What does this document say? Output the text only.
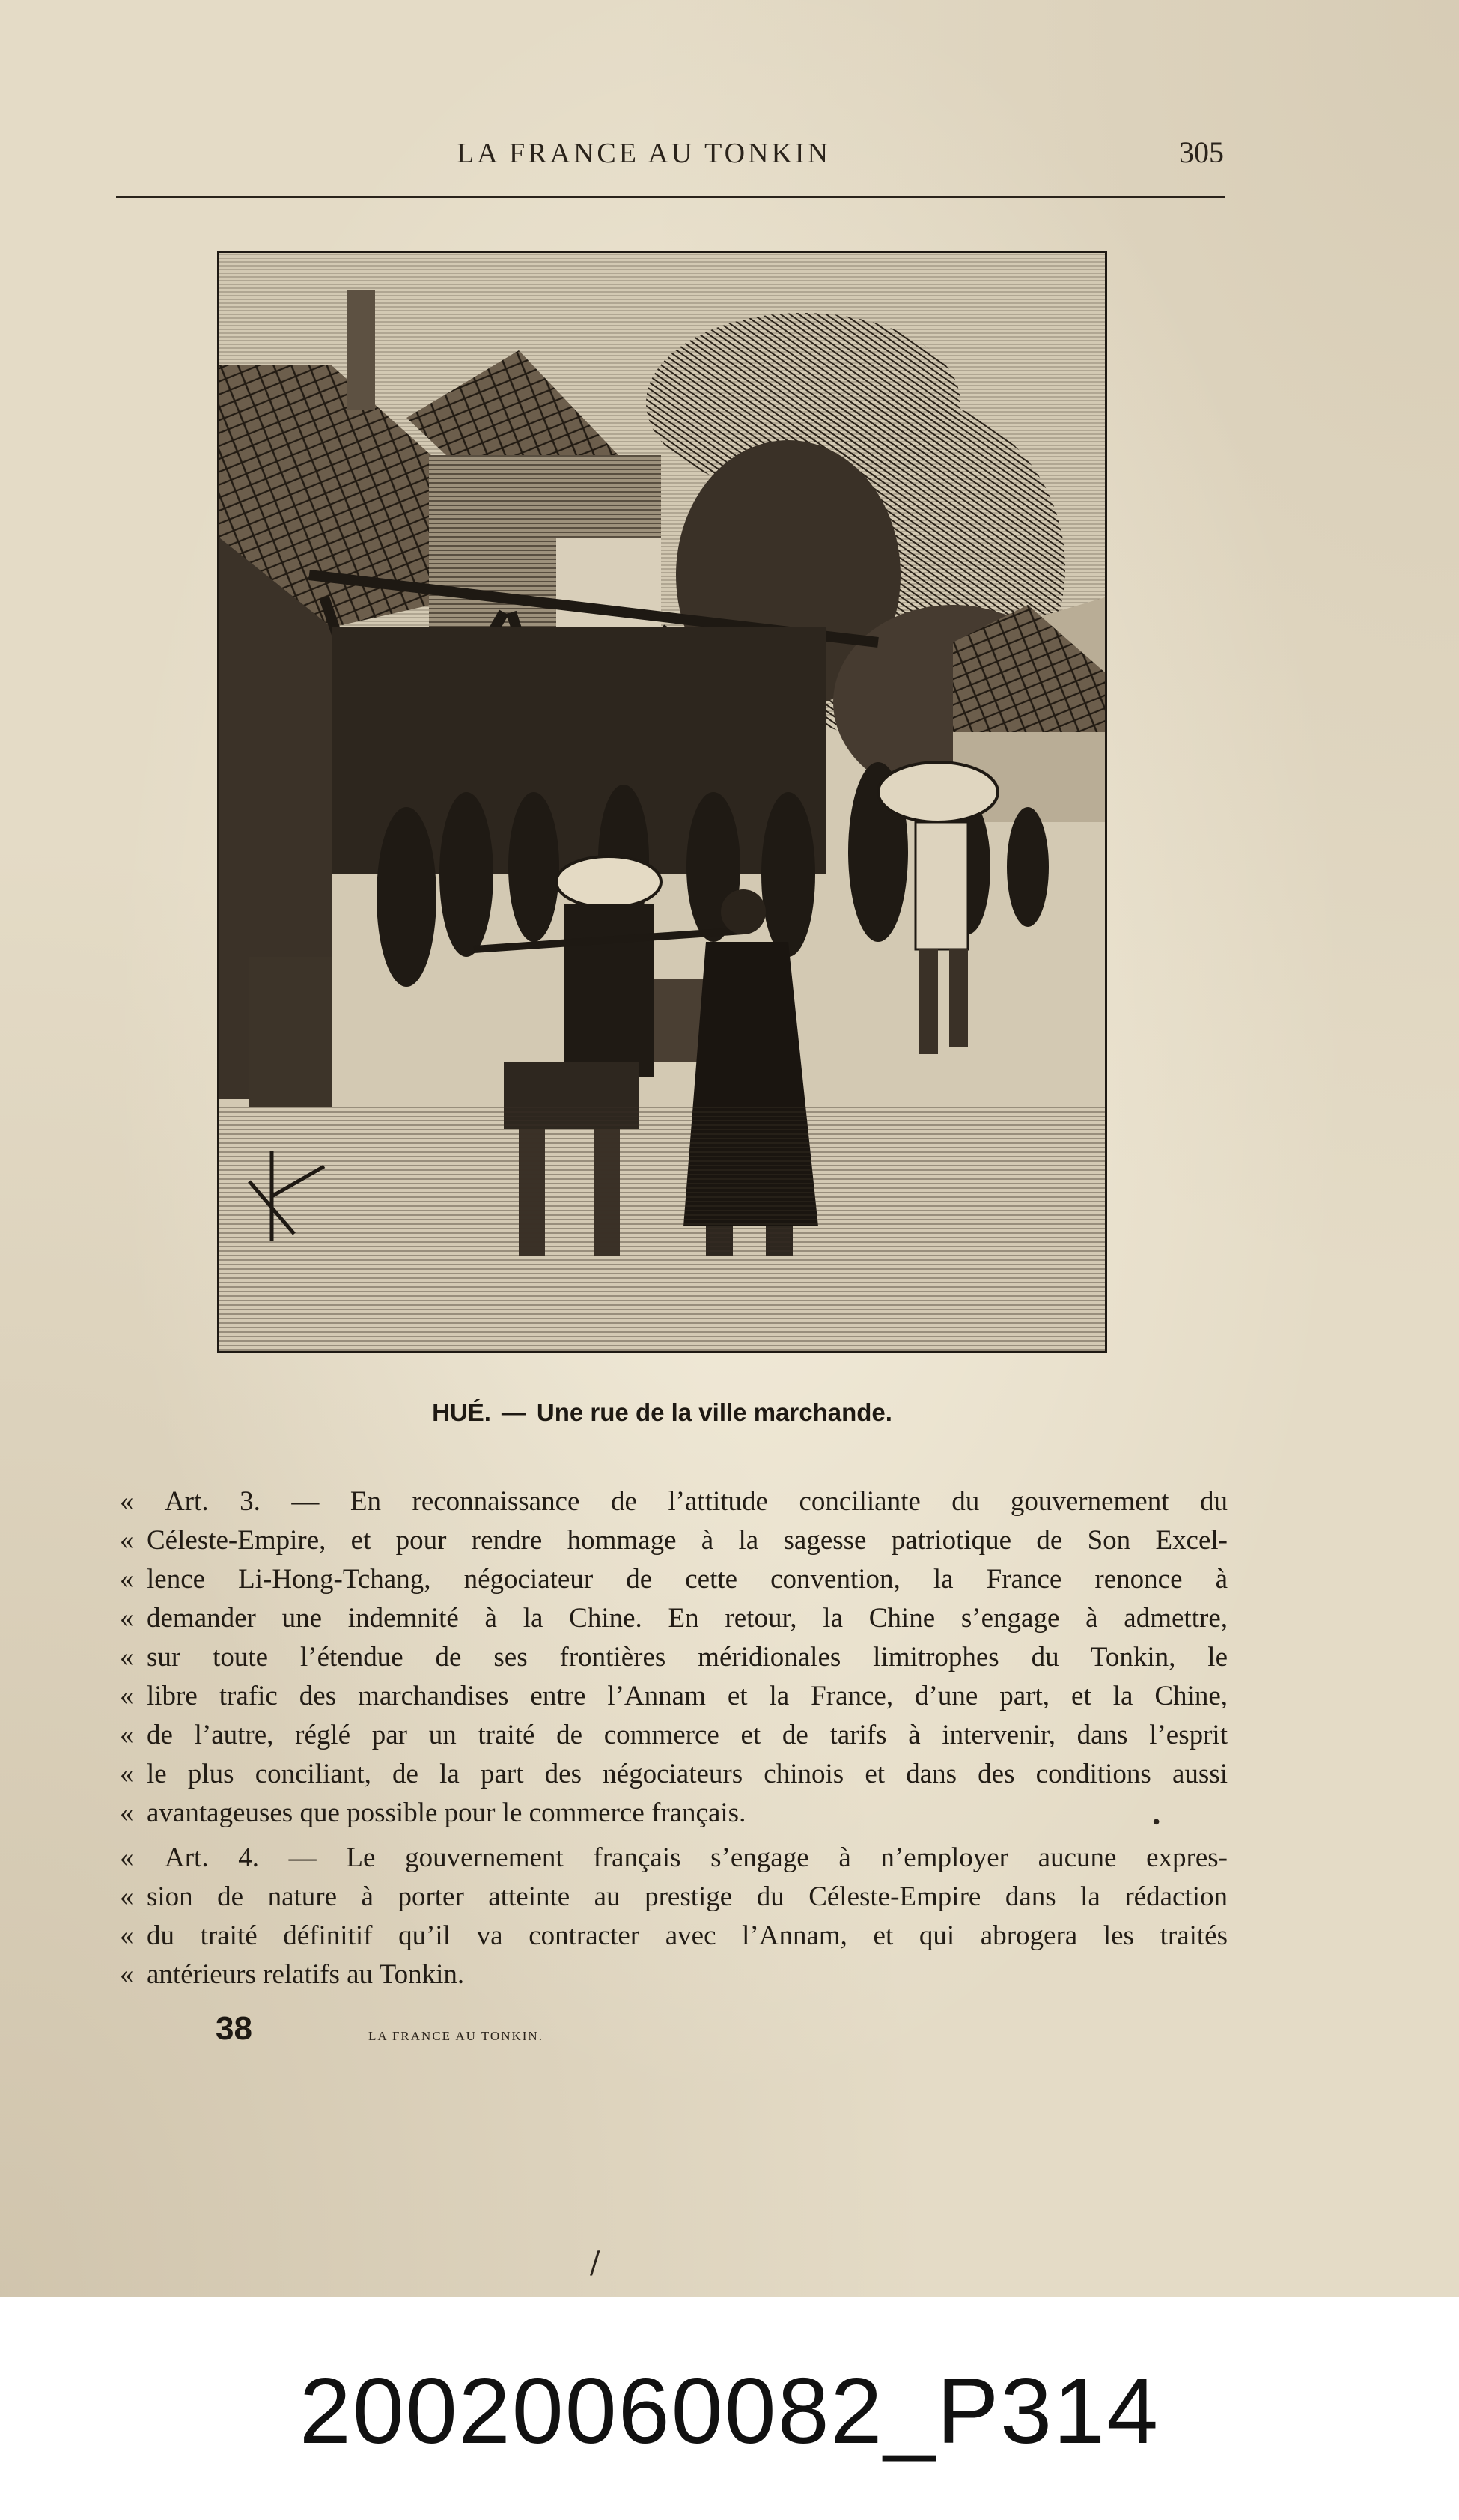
LA FRANCE AU TONKIN	305
HUÉ. — Une rue de la ville marchande.
«	Art. 3. — En reconnaissance de l’attitude conciliante du gouvernement du
« Céleste-Empire, et pour rendre hommage à la sagesse patriotique de Son Excel-
« lence Li-Hong-Tchang, négociateur de cette convention, la France renonce à
« demander une indemnité à la Chine. En retour, la Chine s’engage à admettre,
« sur toute l’étendue de ses frontières méridionales limitrophes du Tonkin, le
« libre trafic des marchandises entre l’Annam et la France, d’une part, et la Chine,
« de l’autre, réglé par un traité de commerce et de tarifs à intervenir, dans l’esprit
« le plus conciliant, de la part des négociateurs chinois et dans des conditions aussi
« avantageuses que possible pour le commerce français.
«	Art. 4. — Le gouvernement français s’engage à n’employer aucune expres-
« sion de nature à porter atteinte au prestige du Céleste-Empire dans la rédaction
« du traité définitif qu’il va contracter avec l’Annam, et qui abrogera les traités
« antérieurs relatifs au Tonkin.
38	LA FRANCE AU TONKIN.
•
/
20020060082_P314
